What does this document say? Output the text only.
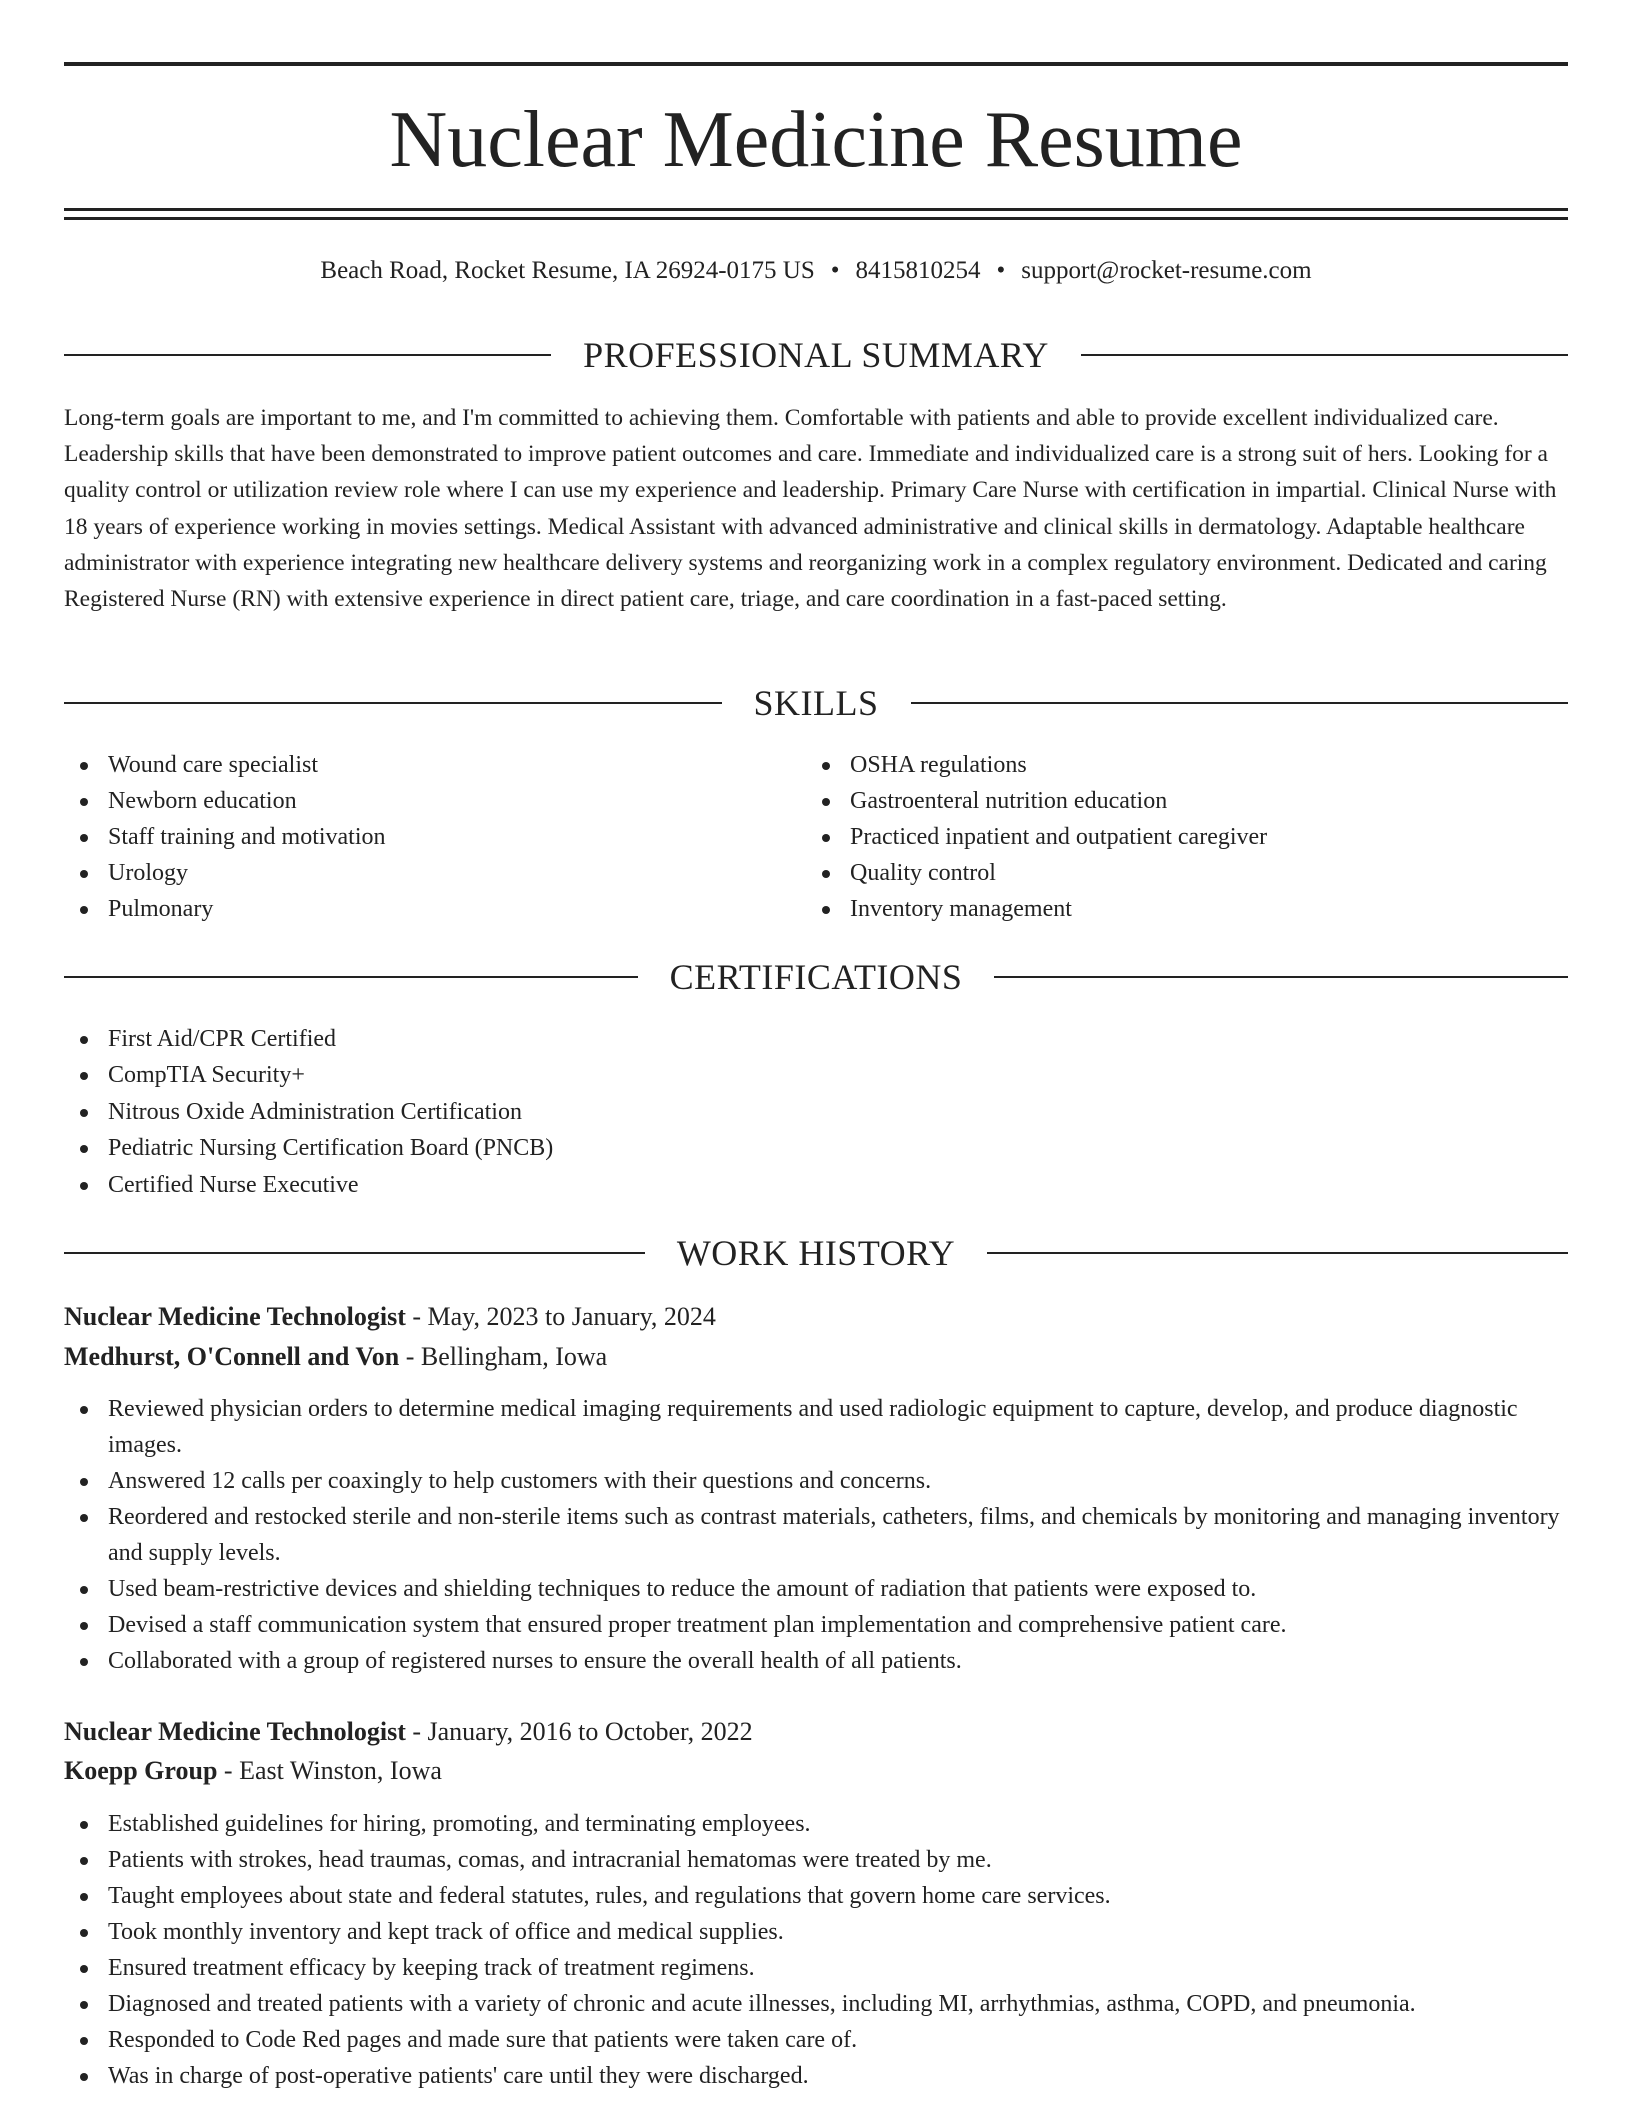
Nuclear Medicine Resume
Beach Road, Rocket Resume, IA 26924-0175 US • 8415810254 • support@rocket-resume.com
PROFESSIONAL SUMMARY

Long-term goals are important to me, and I'm committed to achieving them. Comfortable with patients and able to provide excellent individualized care. Leadership skills that have been demonstrated to improve patient outcomes and care. Immediate and individualized care is a strong suit of hers. Looking for a quality control or utilization review role where I can use my experience and leadership. Primary Care Nurse with certification in impartial. Clinical Nurse with 18 years of experience working in movies settings. Medical Assistant with advanced administrative and clinical skills in dermatology. Adaptable healthcare administrator with experience integrating new healthcare delivery systems and reorganizing work in a complex regulatory environment. Dedicated and caring Registered Nurse (RN) with extensive experience in direct patient care, triage, and care coordination in a fast-paced setting.

SKILLS
Wound care specialist
Newborn education
Staff training and motivation
Urology
Pulmonary
OSHA regulations
Gastroenteral nutrition education
Practiced inpatient and outpatient caregiver
Quality control
Inventory management
CERTIFICATIONS
First Aid/CPR Certified
CompTIA Security+
Nitrous Oxide Administration Certification
Pediatric Nursing Certification Board (PNCB)
Certified Nurse Executive
WORK HISTORY
Nuclear Medicine Technologist - May, 2023 to January, 2024
Medhurst, O'Connell and Von - Bellingham, Iowa
Reviewed physician orders to determine medical imaging requirements and used radiologic equipment to capture, develop, and produce diagnostic images.
Answered 12 calls per coaxingly to help customers with their questions and concerns.
Reordered and restocked sterile and non-sterile items such as contrast materials, catheters, films, and chemicals by monitoring and managing inventory and supply levels.
Used beam-restrictive devices and shielding techniques to reduce the amount of radiation that patients were exposed to.
Devised a staff communication system that ensured proper treatment plan implementation and comprehensive patient care.
Collaborated with a group of registered nurses to ensure the overall health of all patients.
Nuclear Medicine Technologist - January, 2016 to October, 2022
Koepp Group - East Winston, Iowa
Established guidelines for hiring, promoting, and terminating employees.
Patients with strokes, head traumas, comas, and intracranial hematomas were treated by me.
Taught employees about state and federal statutes, rules, and regulations that govern home care services.
Took monthly inventory and kept track of office and medical supplies.
Ensured treatment efficacy by keeping track of treatment regimens.
Diagnosed and treated patients with a variety of chronic and acute illnesses, including MI, arrhythmias, asthma, COPD, and pneumonia.
Responded to Code Red pages and made sure that patients were taken care of.
Was in charge of post-operative patients' care until they were discharged.
